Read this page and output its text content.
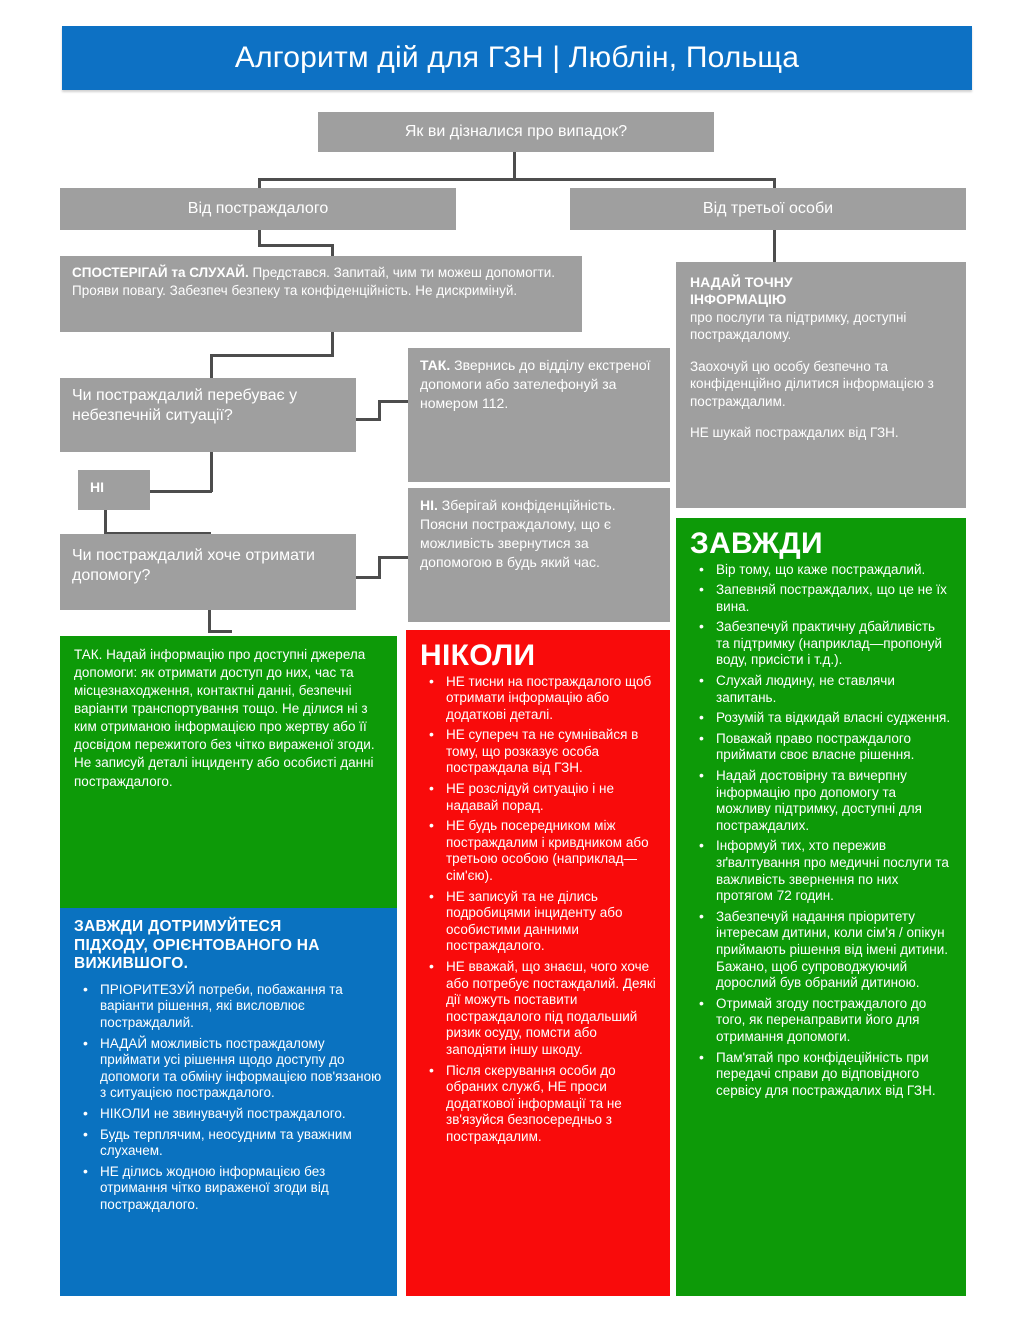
Алгоритм дій для ГЗН | Люблін, Польща
Як ви дізналися про випадок?
Від постраждалого	Від третьої особи
СПОСТЕРІГАЙ та СЛУХАЙ. Представся. Запитай, чим ти можеш допомогти. Прояви повагу. Забезпеч безпеку та конфіденційність. Не дискримінуй.
Чи постраждалий перебуває у небезпечній ситуації?
НІ
Чи постраждалий хоче отримати допомогу?
ТАК. Звернись до відділу екстреної допомоги або зателефонуй за номером 112.
НІ. Зберігай конфіденційність. Поясни постраждалому, що є можливість звернутися за допомогою в будь який час.
НАДАЙ ТОЧНУ
ІНФОРМАЦІЮ

про послуги та підтримку, доступні постраждалому.

Заохочуй цю особу безпечно та конфіденційно ділитися інформацією з постраждалим.

НЕ шукай постраждалих від ГЗН.

ТАК. Надай інформацію про доступні джерела допомоги: як отримати доступ до них, час та місцезнаходження, контактні данні, безпечні варіанти транспортування тощо. Не ділися ні з ким отриманою інформацією про жертву або її досвідом пережитого без чітко вираженої згоди. Не записуй деталі інциденту або особисті данні постраждалого.

НІКОЛИ
• НЕ тисни на постраждалого щоб отримати інформацію або додаткові деталі.
• НЕ супереч та не сумнівайся в тому, що розказує особа постраждала від ГЗН.
• НЕ розслідуй ситуацію і не надавай порад.
• НЕ будь посередником між постраждалим і кривдником або третьою особою (наприклад—сім'єю).
• НЕ записуй та не ділись подробицями інциденту або особистими данними постраждалого.
• НЕ вважай, що знаєш, чого хоче або потребує постаждалий. Деякі дії можуть поставити постраждалого під подальший ризик осуду, помсти або заподіяти іншу шкоду.
• Після скерування особи до обраних служб, НЕ проси додаткової інформації та не зв'язуйся безпосередньо з постраждалим.
ЗАВЖДИ
• Вір тому, що каже постраждалий.
• Запевняй постраждалих, що це не їх вина.
• Забезпечуй практичну дбайливість та підтримку (наприклад—пропонуй воду, присісти і т.д.).
• Слухай людину, не ставлячи запитань.
• Розумій та відкидай власні судження.
• Поважай право постраждалого приймати своє власне рішення.
• Надай достовірну та вичерпну інформацію про допомогу та можливу підтримку, доступні для постраждалих.
• Інформуй тих, хто пережив зґвалтування про медичні послуги та важливість звернення по них протягом 72 годин.
• Забезпечуй надання пріоритету інтересам дитини, коли сім'я / опікун приймають рішення від імені дитини. Бажано, щоб супроводжуючий дорослий був обраний дитиною.
• Отримай згоду постраждалого до того, як перенаправити його для отримання допомоги.
• Пам'ятай про конфідеційність при передачі справи до відповідного сервісу для постраждалих від ГЗН.
ЗАВЖДИ ДОТРИМУЙТЕСЯ
ПІДХОДУ, ОРІЄНТОВАНОГО НА
ВИЖИВШОГО.
• ПРІОРИТЕЗУЙ потреби, побажання та варіанти рішення, які висловлює постраждалий.
• НАДАЙ можливість постраждалому приймати усі рішення щодо доступу до допомоги та обміну інформацією пов'язаною з ситуацією постраждалого.
• НІКОЛИ не звинувачуй постраждалого.
• Будь терплячим, неосудним та уважним слухачем.
• НЕ ділись жодною інформацією без отримання чітко вираженої згоди від постраждалого.
